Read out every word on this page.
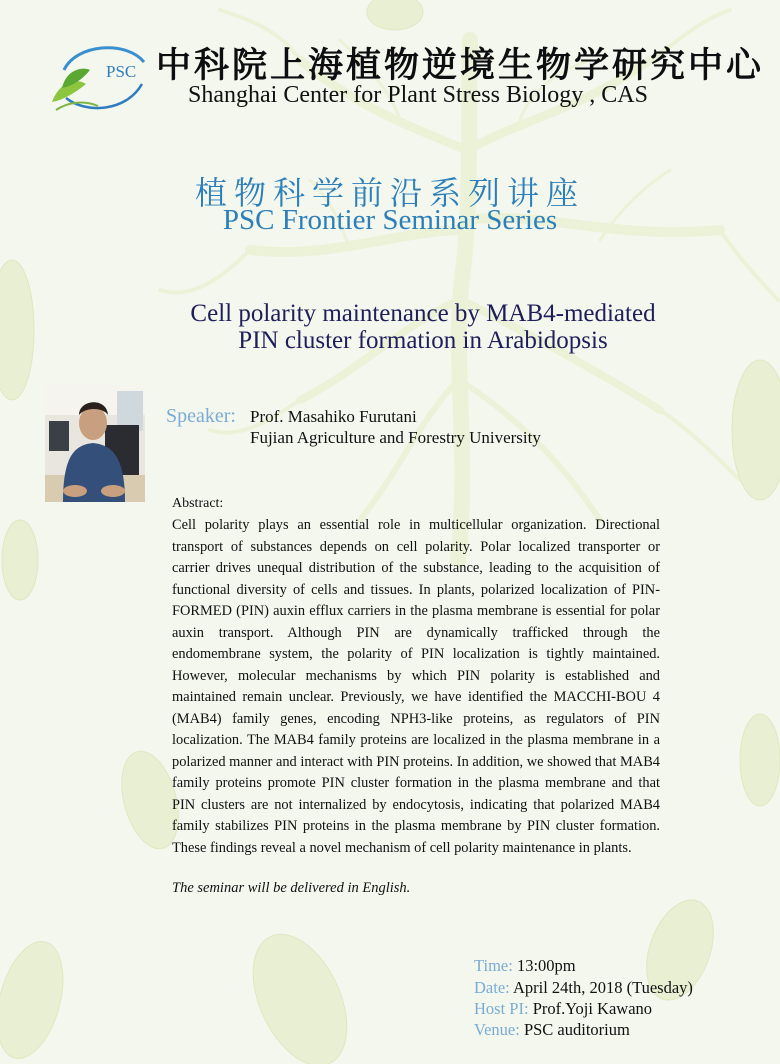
PSC 中科院上海植物逆境生物学研究中心
Shanghai Center for Plant Stress Biology , CAS
植物科学前沿系列讲座
PSC Frontier Seminar Series
Cell polarity maintenance by MAB4-mediated
PIN cluster formation in Arabidopsis
Speaker: Prof. Masahiko Furutani
Fujian Agriculture and Forestry University
Abstract:
Cell polarity plays an essential role in multicellular organization. Directional transport of substances depends on cell polarity. Polar localized transporter or carrier drives unequal distribution of the substance, leading to the acquisition of functional diversity of cells and tissues. In plants, polarized localization of PIN-FORMED (PIN) auxin efflux carriers in the plasma membrane is essential for polar auxin transport. Although PIN are dynamically trafficked through the endomembrane system, the polarity of PIN localization is tightly maintained. However, molecular mechanisms by which PIN polarity is established and maintained remain unclear. Previously, we have identified the MACCHI-BOU 4 (MAB4) family genes, encoding NPH3-like proteins, as regulators of PIN localization. The MAB4 family proteins are localized in the plasma membrane in a polarized manner and interact with PIN proteins. In addition, we showed that MAB4 family proteins promote PIN cluster formation in the plasma membrane and that PIN clusters are not internalized by endocytosis, indicating that polarized MAB4 family stabilizes PIN proteins in the plasma membrane by PIN cluster formation. These findings reveal a novel mechanism of cell polarity maintenance in plants.
The seminar will be delivered in English.
Time: 13:00pm
Date: April 24th, 2018 (Tuesday)
Host PI: Prof.Yoji Kawano
Venue: PSC auditorium
